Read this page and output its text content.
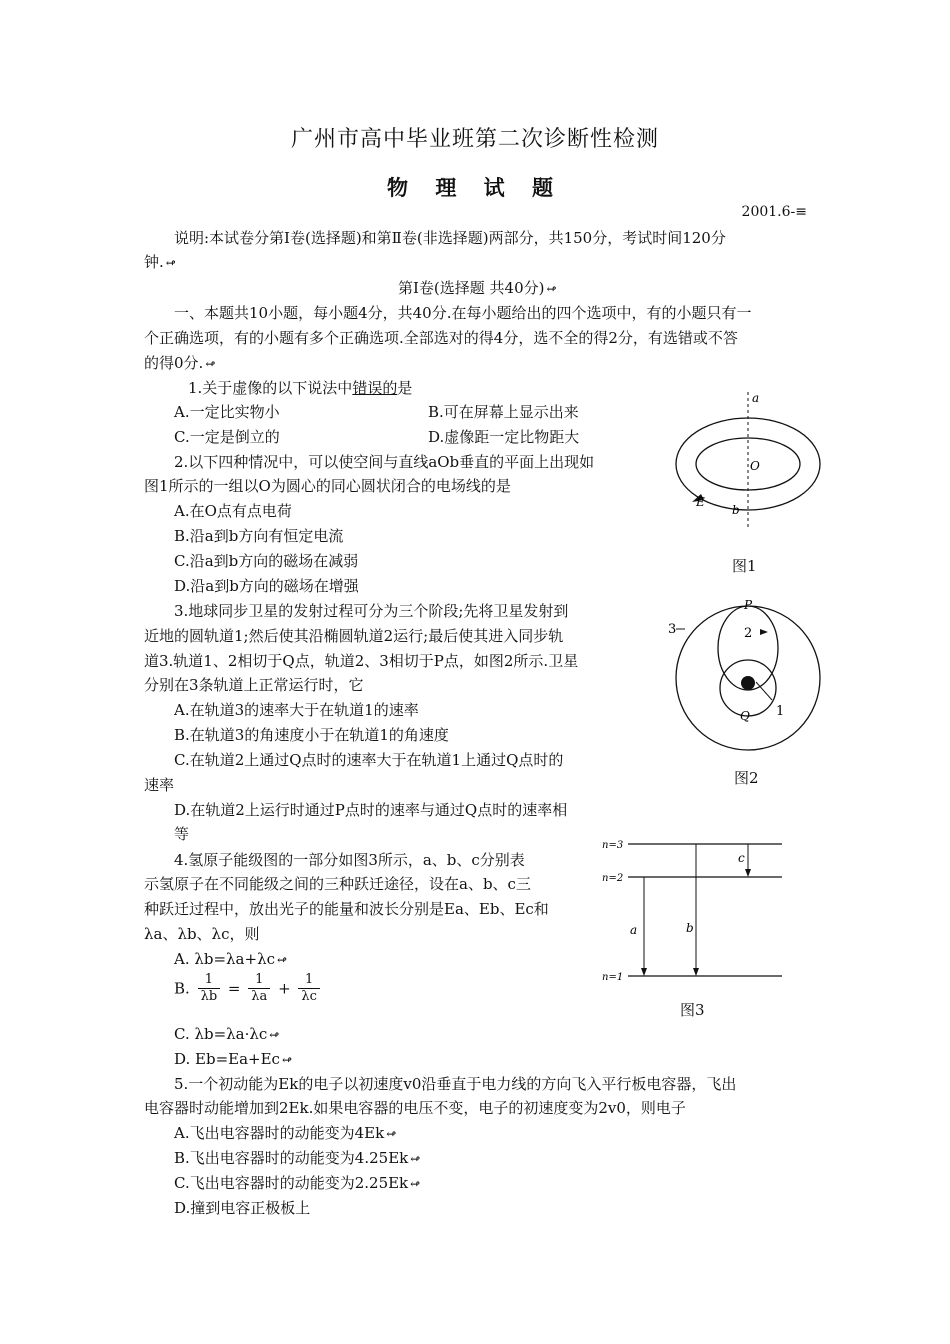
广州市高中毕业班第二次诊断性检测
物 理 试 题
2001.6-≡
说明:本试卷分第Ⅰ卷(选择题)和第Ⅱ卷(非选择题)两部分，共150分，考试时间120分
钟. ↫
第Ⅰ卷(选择题 共40分) ↫
一、本题共10小题，每小题4分，共40分.在每小题给出的四个选项中，有的小题只有一
个正确选项，有的小题有多个正确选项.全部选对的得4分，选不全的得2分，有选错或不答
的得0分. ↫
1.关于虚像的以下说法中错误的是
A.一定比实物小	B.可在屏幕上显示出来
C.一定是倒立的	D.虚像距一定比物距大
2.以下四种情况中，可以使空间与直线aOb垂直的平面上出现如
图1所示的一组以O为圆心的同心圆状闭合的电场线的是
A.在O点有点电荷
B.沿a到b方向有恒定电流
C.沿a到b方向的磁场在减弱
D.沿a到b方向的磁场在增强
3.地球同步卫星的发射过程可分为三个阶段;先将卫星发射到
近地的圆轨道1;然后使其沿椭圆轨道2运行;最后使其进入同步轨
道3.轨道1、2相切于Q点，轨道2、3相切于P点，如图2所示.卫星
分别在3条轨道上正常运行时，它
A.在轨道3的速率大于在轨道1的速率
B.在轨道3的角速度小于在轨道1的角速度
C.在轨道2上通过Q点时的速率大于在轨道1上通过Q点时的
速率
D.在轨道2上运行时通过P点时的速率与通过Q点时的速率相
等
4.氢原子能级图的一部分如图3所示，a、b、c分别表
示氢原子在不同能级之间的三种跃迁途径，设在a、b、c三
种跃迁过程中，放出光子的能量和波长分别是Ea、Eb、Ec和
λa、λb、λc，则
A. λb=λa+λc ↫
B. $\frac{1}{\lambda b} = \frac{1}{\lambda a} + \frac{1}{\lambda c}$
C. λb=λa·λc ↫
D. Eb=Ea+Ec ↫
5.一个初动能为Ek的电子以初速度v0沿垂直于电力线的方向飞入平行板电容器，飞出
电容器时动能增加到2Ek.如果电容器的电压不变，电子的初速度变为2v0，则电子
A.飞出电容器时的动能变为4Ek ↫
B.飞出电容器时的动能变为4.25Ek ↫
C.飞出电容器时的动能变为2.25Ek ↫
D.撞到电容正极板上
a
O
E
b
图1
P
3	2
Q 1
图2
n=3
n=2
n=1
a	b
c
图3
